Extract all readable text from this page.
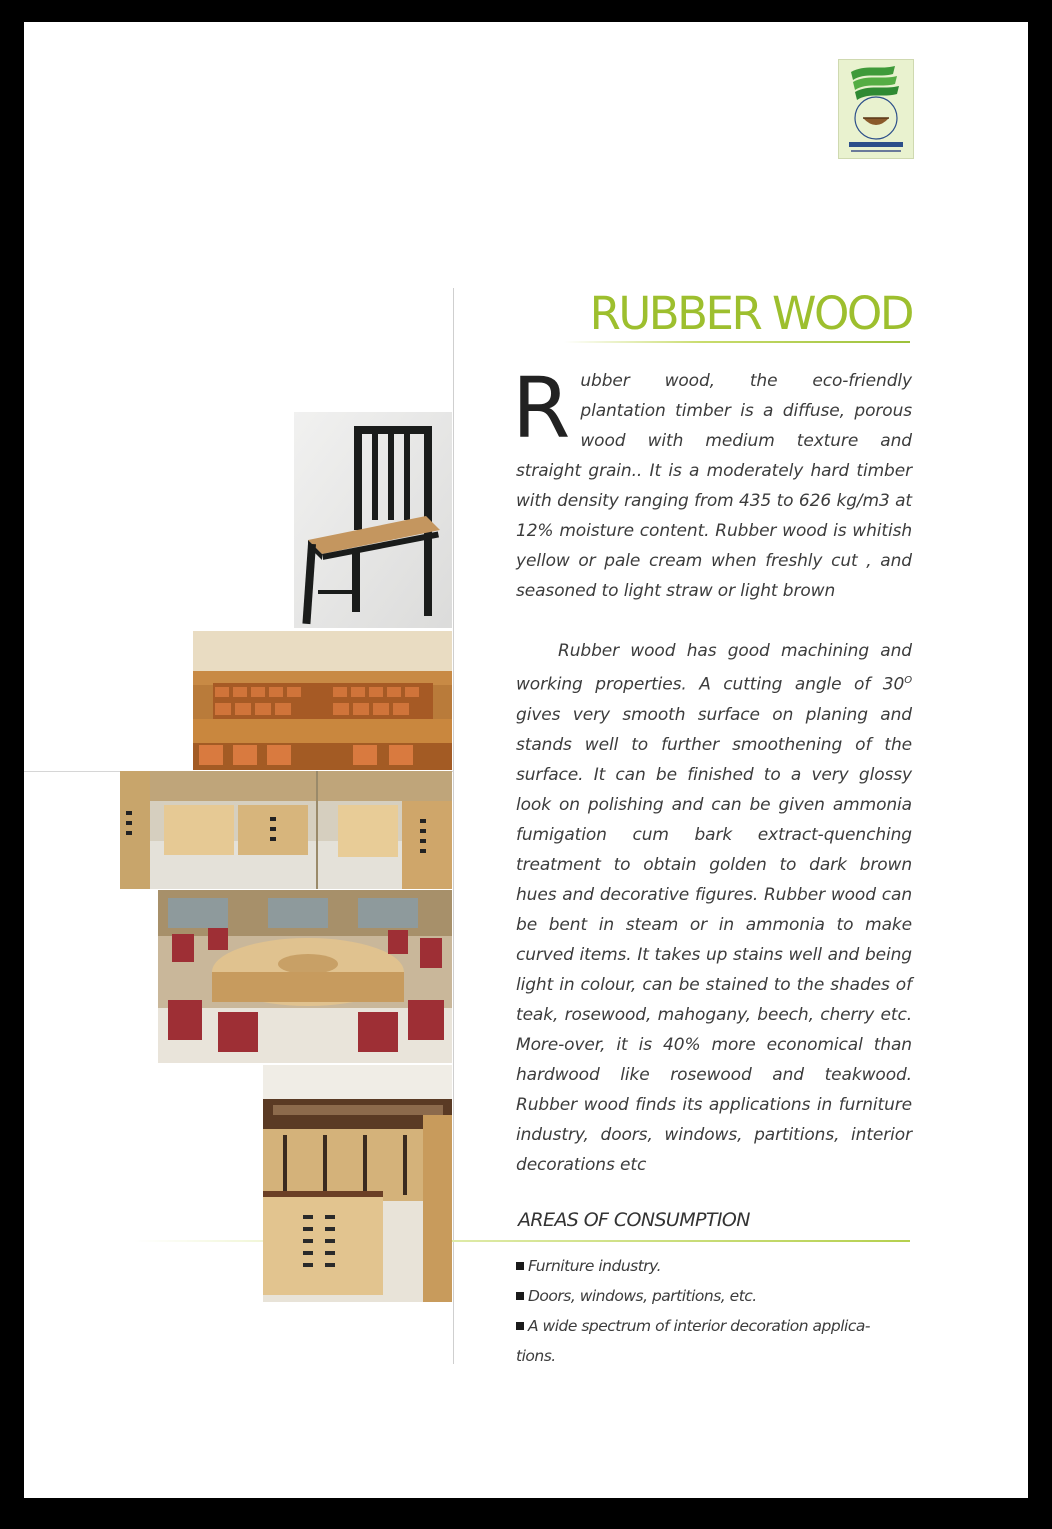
RUBBER WOOD
Rubber wood, the eco-friendly plantation timber is a diffuse, porous wood with medium texture and straight grain.. It is a moderately hard timber with density ranging from 435 to 626 kg/m3 at 12% moisture content. Rubber wood is whitish yellow or pale cream when freshly cut , and seasoned to light straw or light brown
Rubber wood has good machining and working properties. A cutting angle of $30^O$ gives very smooth surface on planing and stands well to further smoothening of the surface. It can be finished to a very glossy look on polishing and can be given ammonia fumigation cum bark extract-quenching treatment to obtain golden to dark brown hues and decorative figures. Rubber wood can be bent in steam or in ammonia to make curved items. It takes up stains well and being light in colour, can be stained to the shades of teak, rosewood, mahogany, beech, cherry etc. More-over, it is 40% more economical than hardwood like rosewood and teakwood. Rubber wood finds its applications in furniture industry, doors, windows, partitions, interior decorations etc
AREAS OF CONSUMPTION
Furniture industry.
Doors, windows, partitions, etc.
A wide spectrum of interior decoration applica-tions.
